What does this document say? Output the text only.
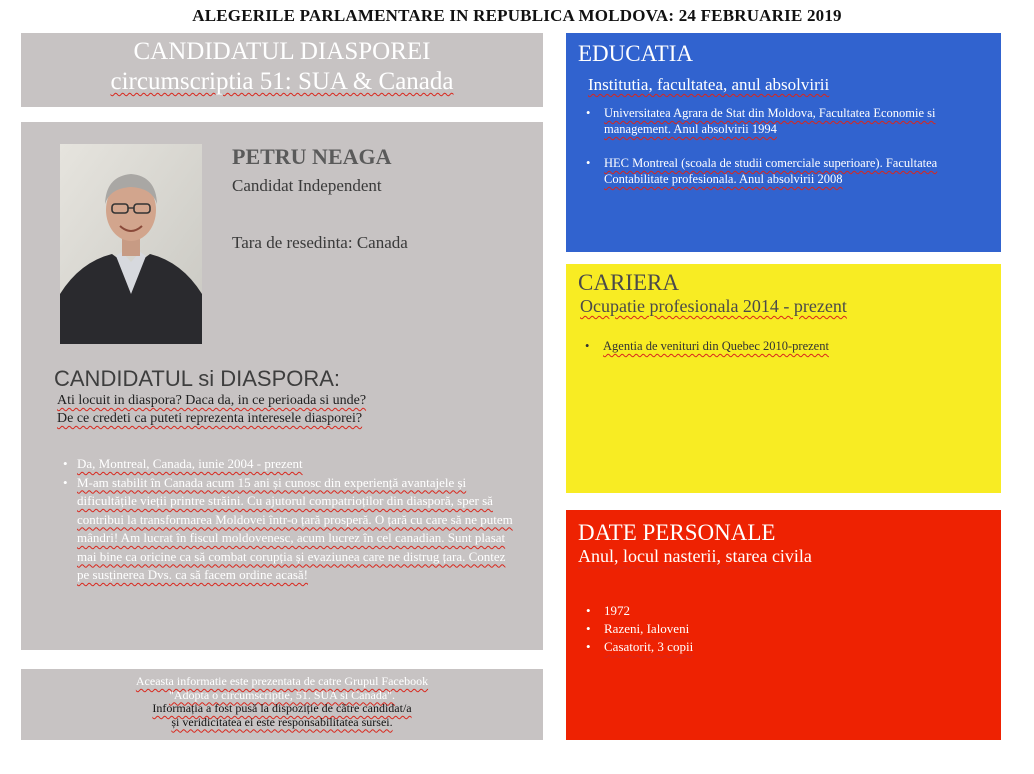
ALEGERILE PARLAMENTARE IN REPUBLICA MOLDOVA: 24 FEBRUARIE 2019
CANDIDATUL DIASPOREI
circumscriptia 51: SUA & Canada
PETRU NEAGA
Candidat Independent
Tara de resedinta: Canada
CANDIDATUL si DIASPORA:
Ati locuit in diaspora? Daca da, in ce perioada si unde?
De ce credeti ca puteti reprezenta interesele diasporei?
• Da, Montreal, Canada, iunie 2004 - prezent
• M-am stabilit în Canada acum 15 ani și cunosc din experiență avantajele și dificultățile vieții printre străini. Cu ajutorul compatrioților din diasporă, sper să contribui la transformarea Moldovei într-o țară prosperă. O țară cu care să ne putem mândri! Am lucrat în fiscul moldovenesc, acum lucrez în cel canadian. Sunt plasat mai bine ca oricine ca să combat corupția și evaziunea care ne distrug țara. Contez pe susținerea Dvs. ca să facem ordine acasă!
Aceasta informatie este prezentata de catre Grupul Facebook
"Adopta o circumscriptie, 51. SUA si Canada".
Informația a fost pusă la dispoziție de către candidat/a
și veridicitatea ei este responsabilitatea sursei.
EDUCATIA
Institutia, facultatea, anul absolvirii
• Universitatea Agrara de Stat din Moldova, Facultatea Economie si management. Anul absolvirii 1994
• HEC Montreal (scoala de studii comerciale superioare). Facultatea Contabilitate profesionala. Anul absolvirii 2008
CARIERA
Ocupatie profesionala 2014 - prezent
• Agentia de venituri din Quebec 2010-prezent
DATE PERSONALE
Anul, locul nasterii, starea civila
• 1972
• Razeni, Ialoveni
• Casatorit, 3 copii
